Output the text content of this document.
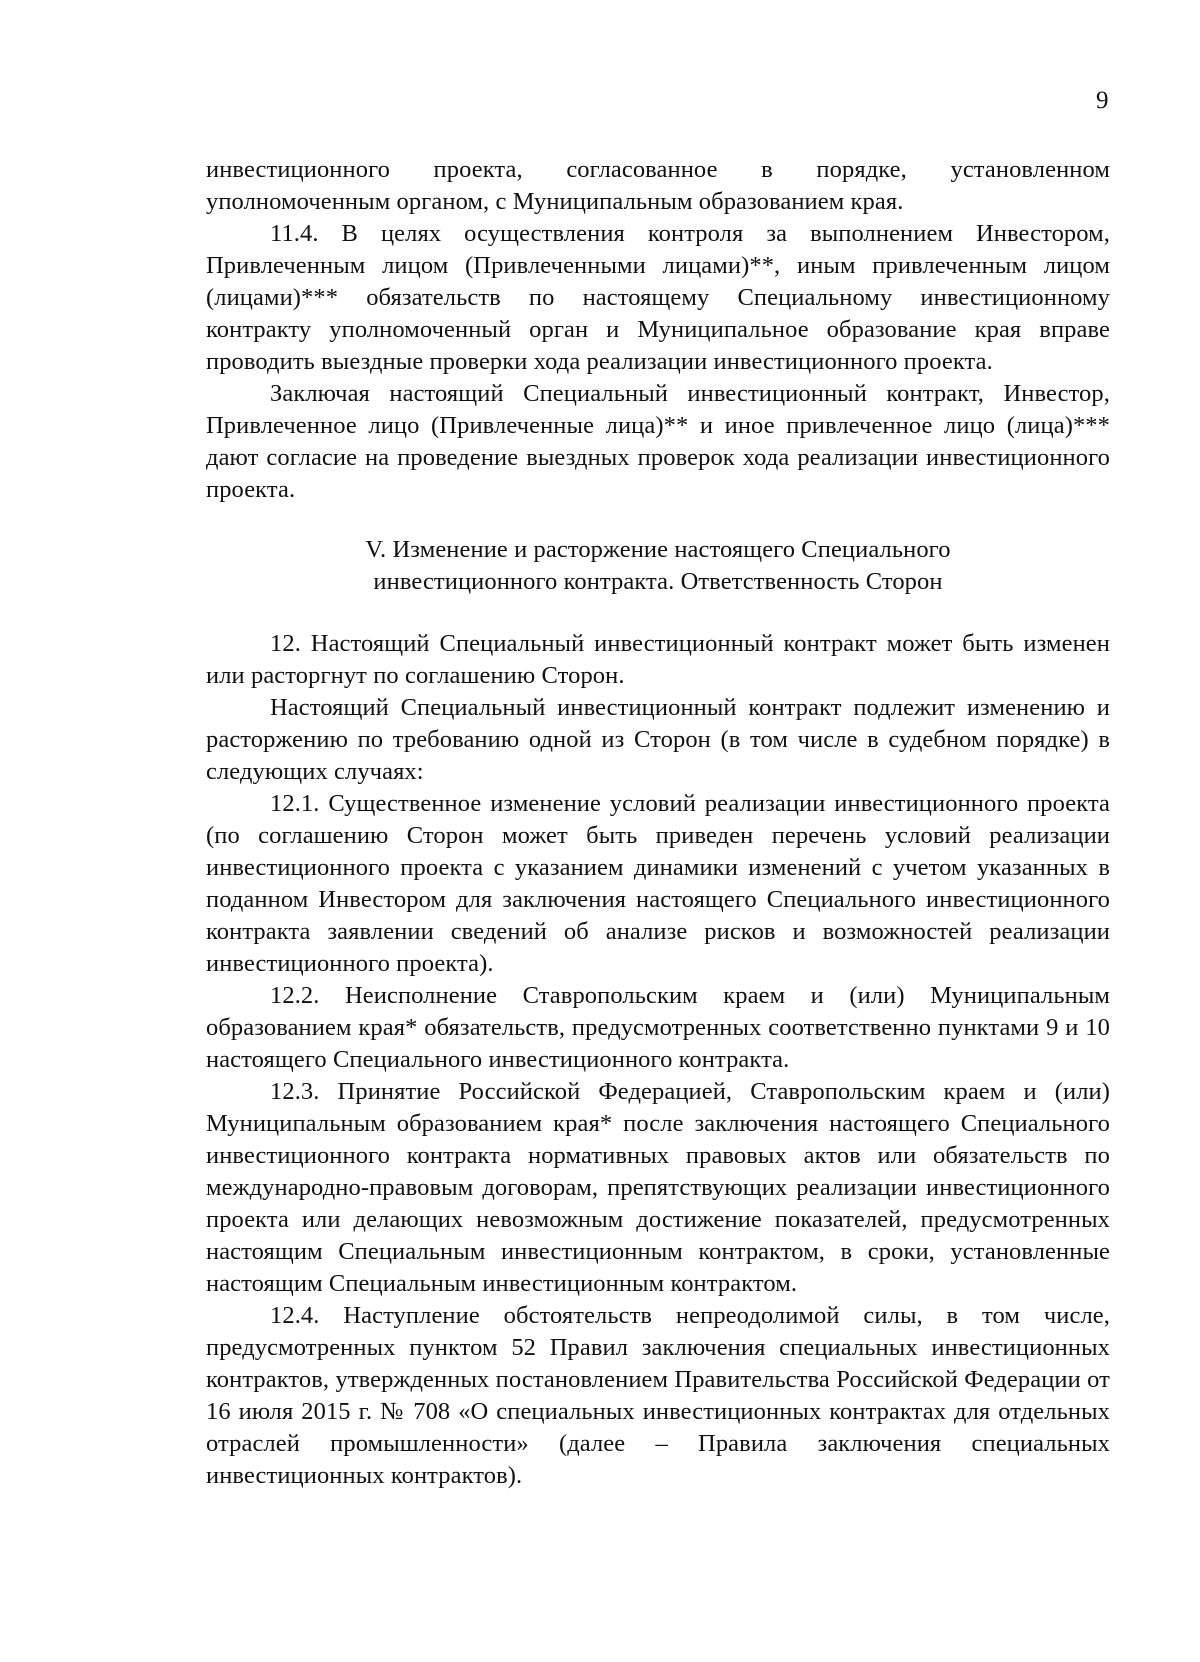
9

инвестиционного проекта, согласованное в порядке, установленном уполномоченным органом, с Муниципальным образованием края.

11.4. В целях осуществления контроля за выполнением Инвестором, Привлеченным лицом (Привлеченными лицами)**, иным привлеченным лицом (лицами)*** обязательств по настоящему Специальному инвестиционному контракту уполномоченный орган и Муниципальное образование края вправе проводить выездные проверки хода реализации инвестиционного проекта.

Заключая настоящий Специальный инвестиционный контракт, Инвестор, Привлеченное лицо (Привлеченные лица)** и иное привлеченное лицо (лица)*** дают согласие на проведение выездных проверок хода реализации инвестиционного проекта.

V. Изменение и расторжение настоящего Специального
инвестиционного контракта. Ответственность Сторон

12. Настоящий Специальный инвестиционный контракт может быть изменен или расторгнут по соглашению Сторон.

Настоящий Специальный инвестиционный контракт подлежит изменению и расторжению по требованию одной из Сторон (в том числе в судебном порядке) в следующих случаях:

12.1. Существенное изменение условий реализации инвестиционного проекта (по соглашению Сторон может быть приведен перечень условий реализации инвестиционного проекта с указанием динамики изменений с учетом указанных в поданном Инвестором для заключения настоящего Специального инвестиционного контракта заявлении сведений об анализе рисков и возможностей реализации инвестиционного проекта).

12.2. Неисполнение Ставропольским краем и (или) Муниципальным образованием края* обязательств, предусмотренных соответственно пунктами 9 и 10 настоящего Специального инвестиционного контракта.

12.3. Принятие Российской Федерацией, Ставропольским краем и (или) Муниципальным образованием края* после заключения настоящего Специального инвестиционного контракта нормативных правовых актов или обязательств по международно-правовым договорам, препятствующих реализации инвестиционного проекта или делающих невозможным достижение показателей, предусмотренных настоящим Специальным инвестиционным контрактом, в сроки, установленные настоящим Специальным инвестиционным контрактом.

12.4. Наступление обстоятельств непреодолимой силы, в том числе, предусмотренных пунктом 52 Правил заключения специальных инвестиционных контрактов, утвержденных постановлением Правительства Российской Федерации от 16 июля 2015 г. № 708 «О специальных инвестиционных контрактах для отдельных отраслей промышленности» (далее – Правила заключения специальных инвестиционных контрактов).
